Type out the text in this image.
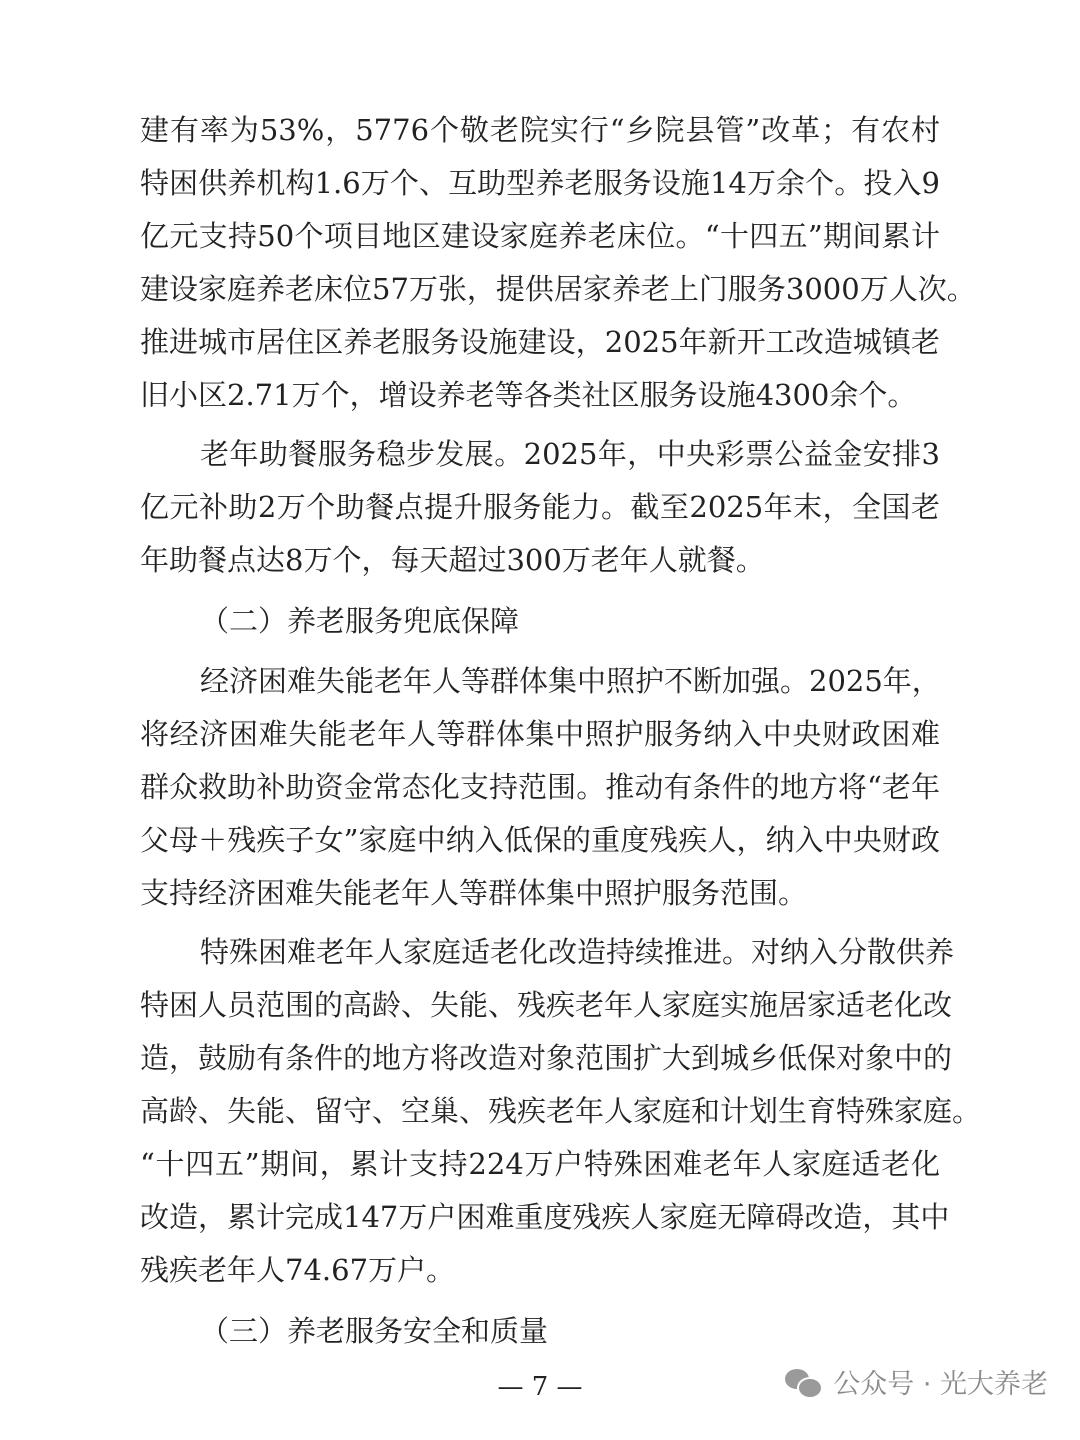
建有率为53%，5776个敬老院实行“乡院县管”改革；有农村
特困供养机构1.6万个、互助型养老服务设施14万余个。投入9
亿元支持50个项目地区建设家庭养老床位。“十四五”期间累计
建设家庭养老床位57万张，提供居家养老上门服务3000万人次。
推进城市居住区养老服务设施建设，2025年新开工改造城镇老
旧小区2.71万个，增设养老等各类社区服务设施4300余个。
老年助餐服务稳步发展。2025年，中央彩票公益金安排3
亿元补助2万个助餐点提升服务能力。截至2025年末，全国老
年助餐点达8万个，每天超过300万老年人就餐。
（二）养老服务兜底保障
经济困难失能老年人等群体集中照护不断加强。2025年，
将经济困难失能老年人等群体集中照护服务纳入中央财政困难
群众救助补助资金常态化支持范围。推动有条件的地方将“老年
父母＋残疾子女”家庭中纳入低保的重度残疾人，纳入中央财政
支持经济困难失能老年人等群体集中照护服务范围。
特殊困难老年人家庭适老化改造持续推进。对纳入分散供养
特困人员范围的高龄、失能、残疾老年人家庭实施居家适老化改
造，鼓励有条件的地方将改造对象范围扩大到城乡低保对象中的
高龄、失能、留守、空巢、残疾老年人家庭和计划生育特殊家庭。
“十四五”期间，累计支持224万户特殊困难老年人家庭适老化
改造，累计完成147万户困难重度残疾人家庭无障碍改造，其中
残疾老年人74.67万户。
（三）养老服务安全和质量
— 7 —	公众号 · 光大养老
